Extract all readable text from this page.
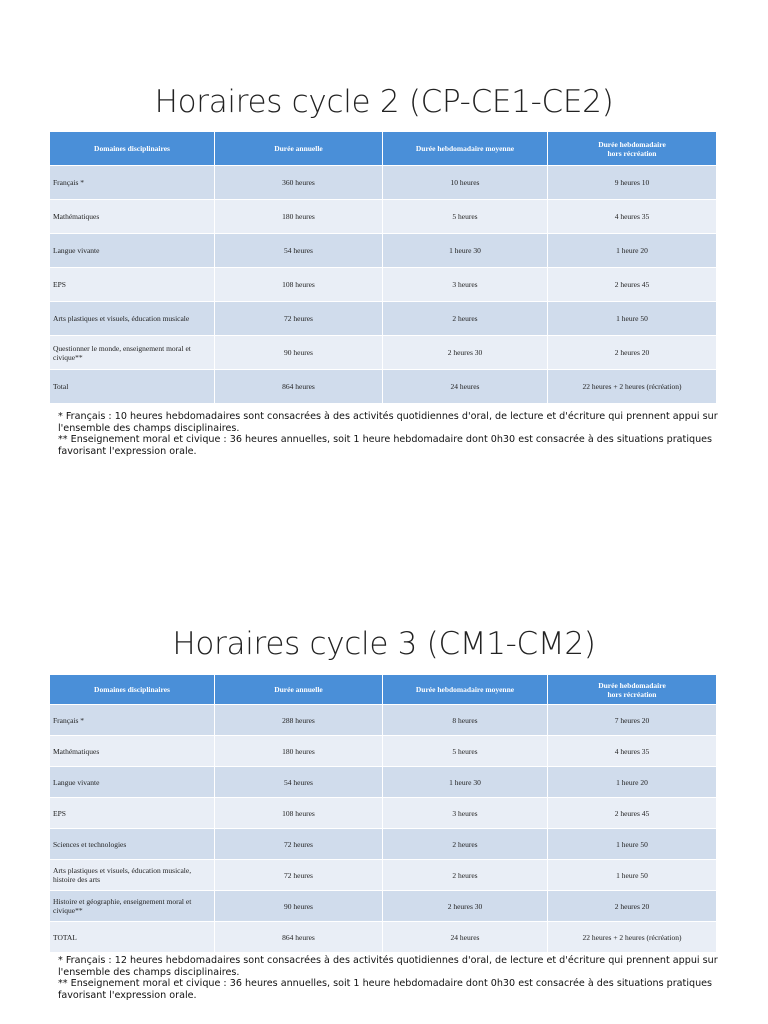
Horaires cycle 2 (CP-CE1-CE2)
Domaines disciplinaires	Durée annuelle	Durée hebdomadaire moyenne	Durée hebdomadaire
hors récréation
Français *	360 heures	10 heures	9 heures 10
Mathématiques	180 heures	5 heures	4 heures 35
Langue vivante	54 heures	1 heure 30	1 heure 20
EPS	108 heures	3 heures	2 heures 45
Arts plastiques et visuels, éducation musicale	72 heures	2 heures	1 heure 50
Questionner le monde, enseignement moral et civique**	90 heures	2 heures 30	2 heures 20
Total	864 heures	24 heures	22 heures + 2 heures (récréation)

* Français : 10 heures hebdomadaires sont consacrées à des activités quotidiennes d'oral, de lecture et d'écriture qui prennent appui sur l'ensemble des champs disciplinaires.

** Enseignement moral et civique : 36 heures annuelles, soit 1 heure hebdomadaire dont 0h30 est consacrée à des situations pratiques favorisant l'expression orale.

Horaires cycle 3 (CM1-CM2)
Domaines disciplinaires	Durée annuelle	Durée hebdomadaire moyenne	Durée hebdomadaire
hors récréation
Français *	288 heures	8 heures	7 heures 20
Mathématiques	180 heures	5 heures	4 heures 35
Langue vivante	54 heures	1 heure 30	1 heure 20
EPS	108 heures	3 heures	2 heures 45
Sciences et technologies	72 heures	2 heures	1 heure 50
Arts plastiques et visuels, éducation musicale, histoire des arts	72 heures	2 heures	1 heure 50
Histoire et géographie, enseignement moral et civique**	90 heures	2 heures 30	2 heures 20
TOTAL	864 heures	24 heures	22 heures + 2 heures (récréation)

* Français : 12 heures hebdomadaires sont consacrées à des activités quotidiennes d'oral, de lecture et d'écriture qui prennent appui sur l'ensemble des champs disciplinaires.

** Enseignement moral et civique : 36 heures annuelles, soit 1 heure hebdomadaire dont 0h30 est consacrée à des situations pratiques favorisant l'expression orale.
